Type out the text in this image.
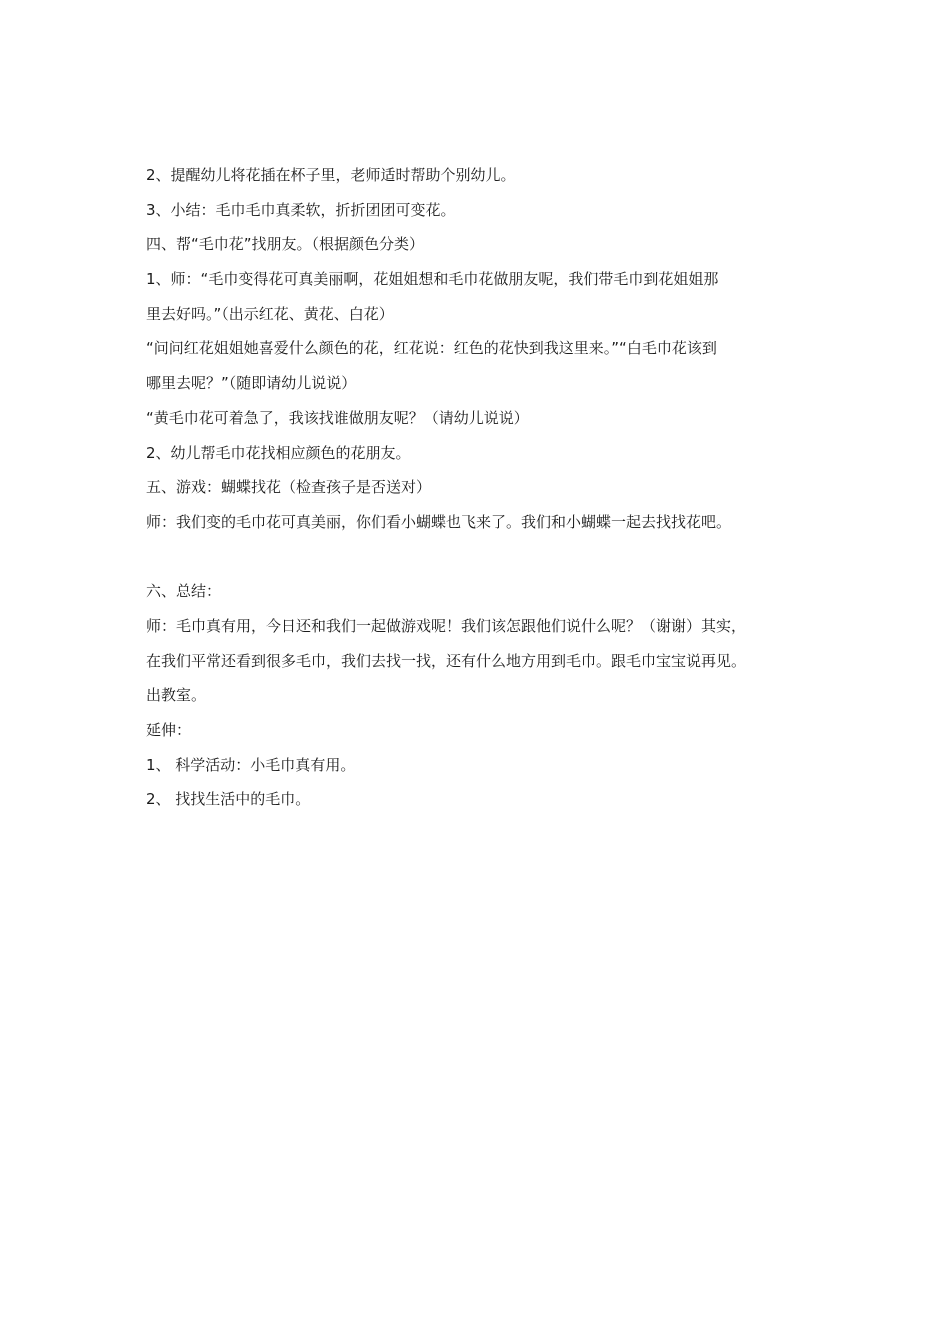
2、提醒幼儿将花插在杯子里，老师适时帮助个别幼儿。
3、小结：毛巾毛巾真柔软，折折团团可变花。
四、帮“毛巾花”找朋友。（根据颜色分类）
1、师：“毛巾变得花可真美丽啊，花姐姐想和毛巾花做朋友呢，我们带毛巾到花姐姐那
里去好吗。”（出示红花、黄花、白花）
“问问红花姐姐她喜爱什么颜色的花，红花说：红色的花快到我这里来。”“白毛巾花该到
哪里去呢？”（随即请幼儿说说）
“黄毛巾花可着急了，我该找谁做朋友呢？（请幼儿说说）
2、幼儿帮毛巾花找相应颜色的花朋友。
五、游戏：蝴蝶找花（检查孩子是否送对）
师：我们变的毛巾花可真美丽，你们看小蝴蝶也飞来了。我们和小蝴蝶一起去找找花吧。
六、总结：
师：毛巾真有用，今日还和我们一起做游戏呢！我们该怎跟他们说什么呢？（谢谢）其实，
在我们平常还看到很多毛巾，我们去找一找，还有什么地方用到毛巾。跟毛巾宝宝说再见。
出教室。
延伸：
1、 科学活动：小毛巾真有用。
2、 找找生活中的毛巾。
